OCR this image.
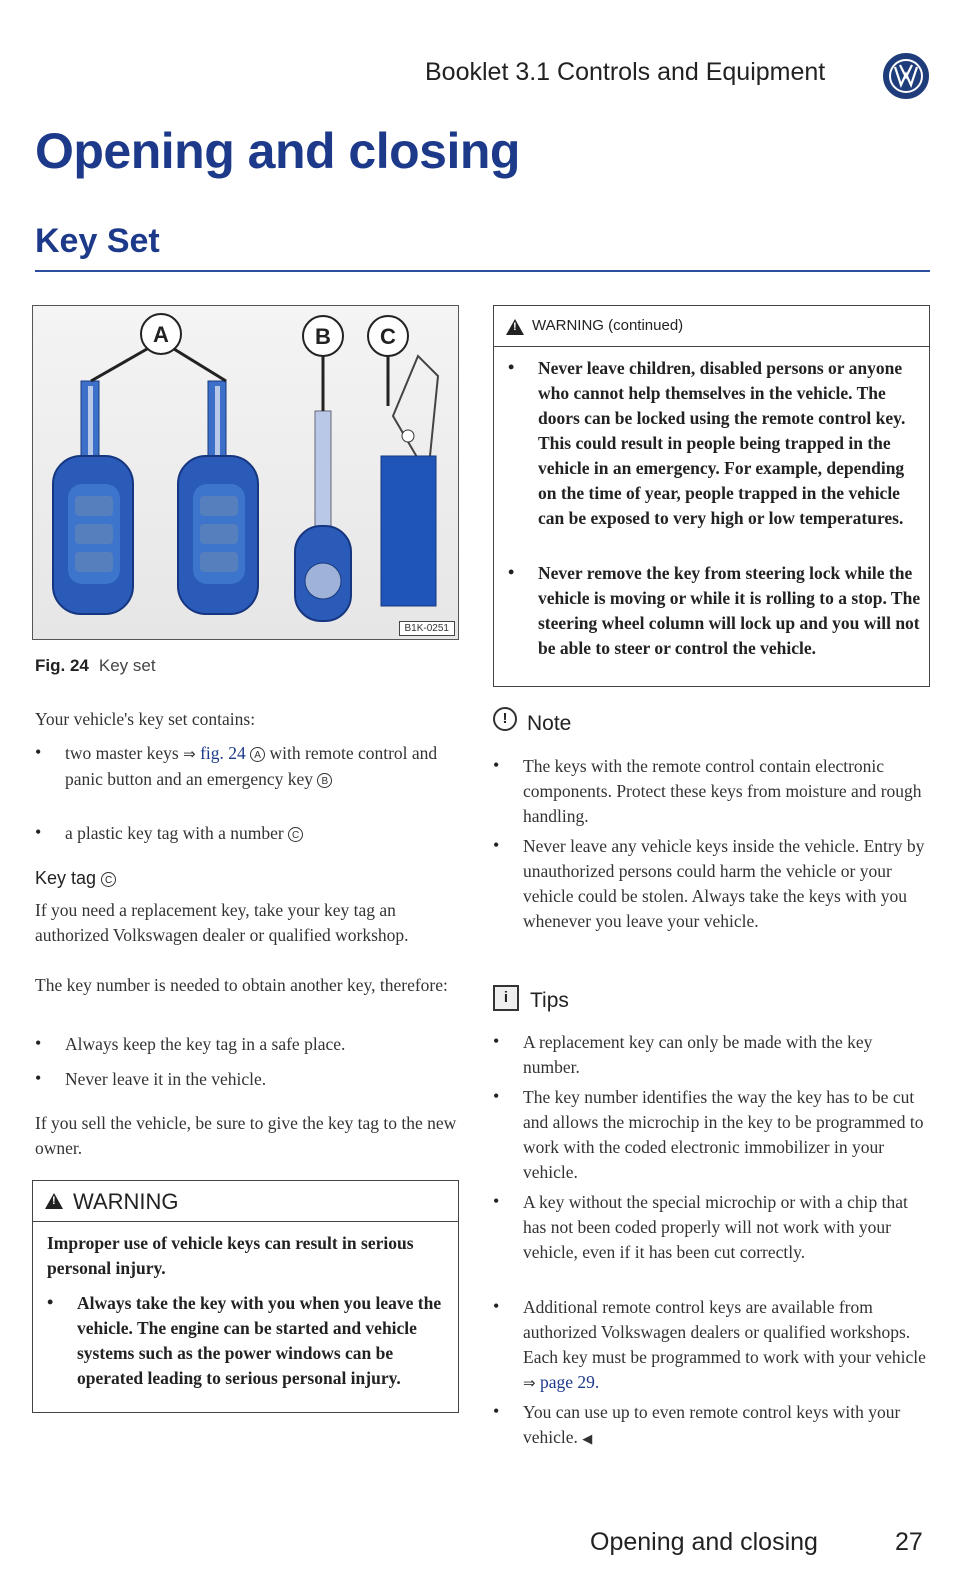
Booklet 3.1 Controls and Equipment
Opening and closing
Key Set
A	B C
B1K-0251
Fig. 24 Key set
Your vehicle's key set contains:
• two master keys ⇒ fig. 24 A with remote control and panic button and an emergency key B
• a plastic key tag with a number C
Key tag C
If you need a replacement key, take your key tag an authorized Volkswagen dealer or qualified workshop.
The key number is needed to obtain another key, therefore:
• Always keep the key tag in a safe place.
• Never leave it in the vehicle.
If you sell the vehicle, be sure to give the key tag to the new owner.
!
WARNING
Improper use of vehicle keys can result in serious personal injury.
• Always take the key with you when you leave the vehicle. The engine can be started and vehicle systems such as the power windows can be operated leading to serious personal injury.
!
WARNING (continued)
• Never leave children, disabled persons or anyone who cannot help themselves in the vehicle. The doors can be locked using the remote control key. This could result in people being trapped in the vehicle in an emergency. For example, depending on the time of year, people trapped in the vehicle can be exposed to very high or low temperatures.
• Never remove the key from steering lock while the vehicle is moving or while it is rolling to a stop. The steering wheel column will lock up and you will not be able to steer or control the vehicle.
! Note
• The keys with the remote control contain electronic components. Protect these keys from moisture and rough handling.
• Never leave any vehicle keys inside the vehicle. Entry by unauthorized persons could harm the vehicle or your vehicle could be stolen. Always take the keys with you whenever you leave your vehicle.
i	Tips
• A replacement key can only be made with the key number.
• The key number identifies the way the key has to be cut and allows the microchip in the key to be programmed to work with the coded electronic immobilizer in your vehicle.
• A key without the special microchip or with a chip that has not been coded properly will not work with your vehicle, even if it has been cut correctly.
• Additional remote control keys are available from authorized Volkswagen dealers or qualified workshops. Each key must be programmed to work with your vehicle ⇒ page 29.
• You can use up to even remote control keys with your vehicle. ◀
Opening and closing	27
